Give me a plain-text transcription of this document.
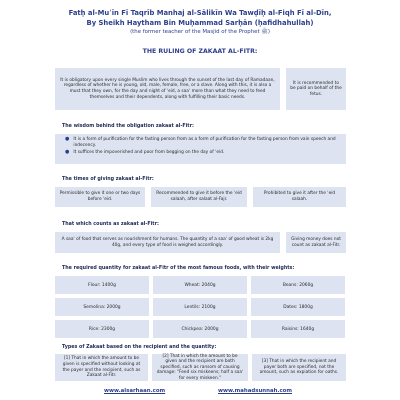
Fatḥ al-Muʿīn Fī Taqrīb Manhaj al-Sālikīn Wa Tawḍīḥ al-Fiqh Fī al-Dīn,
By Sheikh Haytham Bin Muḥammad Sarḥān (ḥafidhahullah)
(the former teacher of the Masjid of the Prophet ﷺ)
THE RULING OF ZAKAAT AL-FITR:
It is obligatory upon every single Muslim who lives through the sunset of the last day of Ramadaan, regardless of whether he is young, old, male, female, free, or a slave. Along with this, it is also a must that they own, for the day and night of ʿeid, a saaʿ more than what they need to feed themselves and their dependents, along with fulfilling their basic needs.
It is recommended to be paid on behalf of the fetus.
The wisdom behind the obligation zakaat al-Fitr:
● It is a form of purification for the fasting person from as a form of purification for the fasting person from vain speech and indecency.
● It suffices the impoverished and poor from begging on the day of ʿeid.
The times of giving zakaat al-Fitr:
Permissible to give it one or two days before ʿeid.
Recommended to give it before the ʿeid salaah, after salaat al-Fajr.
Prohibited to give it after the ʿeid salaah.
That which counts as zakaat al-Fitr:
A saaʿ of food that serves as nourishment for humans. The quantity of a saaʿ of good wheat is 2kg 40g, and every type of food is weighed accordingly.
Giving money does not count as zakaat al-Fitr.
The required quantity for zakaat al-Fitr of the most famous foods, with their weights:
Flour: 1400g	Wheat: 2040g	Beans: 2060g
Semolina: 2000g	Lentils: 2100g	Dates: 1800g
Rice: 2300g	Chickpea: 2000g	Raisins: 1640g
Types of Zakaat based on the recipient and the quantity:
[1] That in which the amount to be given is specified without looking at the payer and the recipient, such as Zakaat al-Fitr.
[2] That in which the amount to be given and the recipient are both specified, such as ransom of causing damage: "Feed six miskeens; half a saaʿ for every miskeen."
[3] That in which the recipient and payer both are specified, not the amount, such as expiation for oaths.
www.alsarhaan.com	www.mahadsunnah.com
